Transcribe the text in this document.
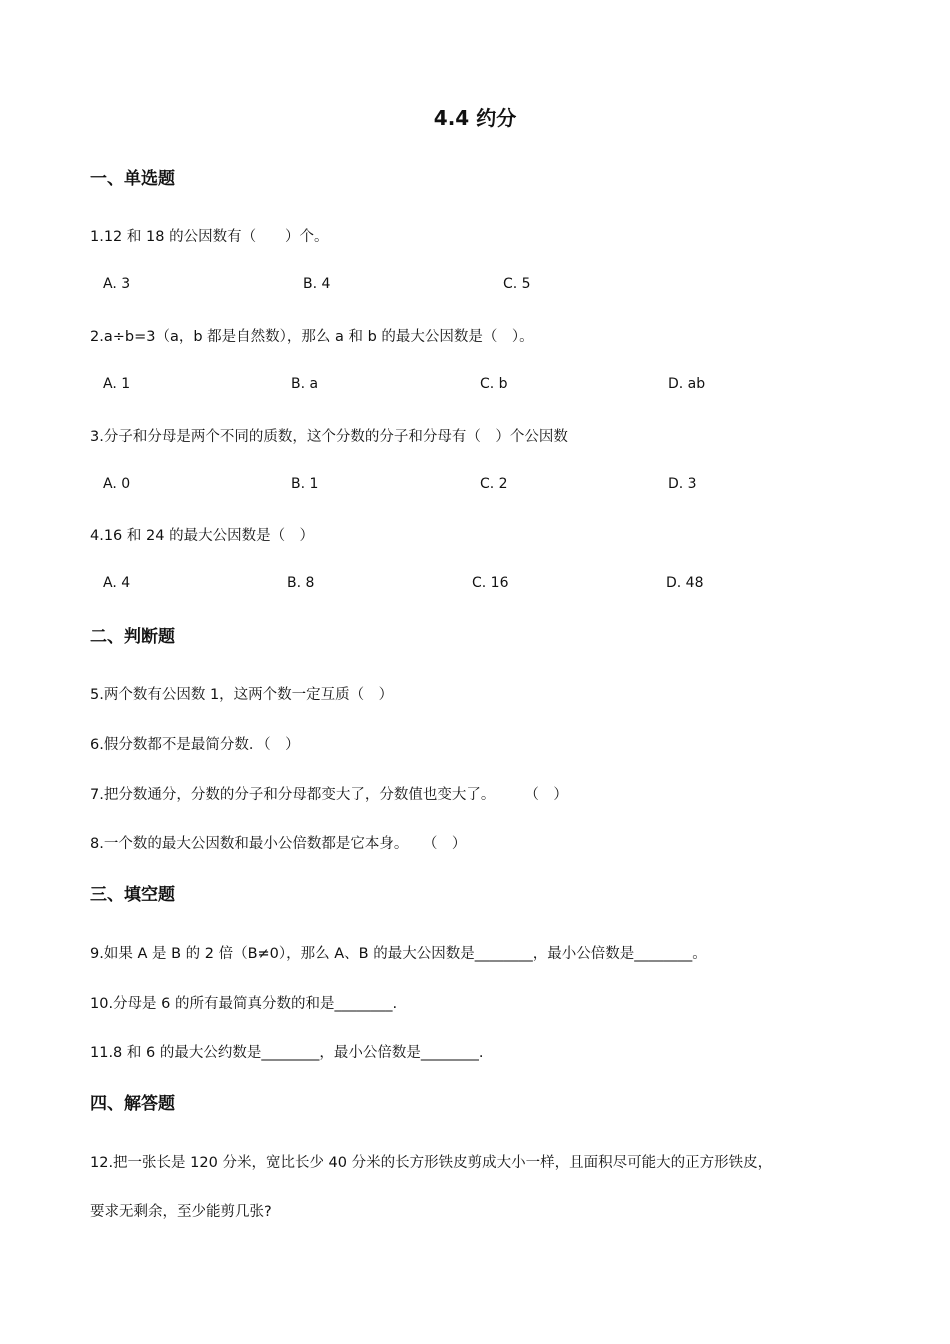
4.4 约分
一、单选题
1.12 和 18 的公因数有（　　）个。
A. 3	B. 4	C. 5
2.a÷b=3（a，b 都是自然数），那么 a 和 b 的最大公因数是（　）。
A. 1	B. a	C. b	D. ab
3.分子和分母是两个不同的质数，这个分数的分子和分母有（　）个公因数
A. 0	B. 1	C. 2	D. 3
4.16 和 24 的最大公因数是（　）
A. 4	B. 8	C. 16	D. 48
二、判断题
5.两个数有公因数 1，这两个数一定互质（　）
6.假分数都不是最简分数．（　）
7.把分数通分，分数的分子和分母都变大了，分数值也变大了。　　　（　）
8.一个数的最大公因数和最小公倍数都是它本身。　　（　）
三、填空题
9.如果 A 是 B 的 2 倍（B≠0），那么 A、B 的最大公因数是________，最小公倍数是________。
10.分母是 6 的所有最简真分数的和是________.
11.8 和 6 的最大公约数是________，最小公倍数是________.
四、解答题
12.把一张长是 120 分米，宽比长少 40 分米的长方形铁皮剪成大小一样，且面积尽可能大的正方形铁皮，
要求无剩余，至少能剪几张?
